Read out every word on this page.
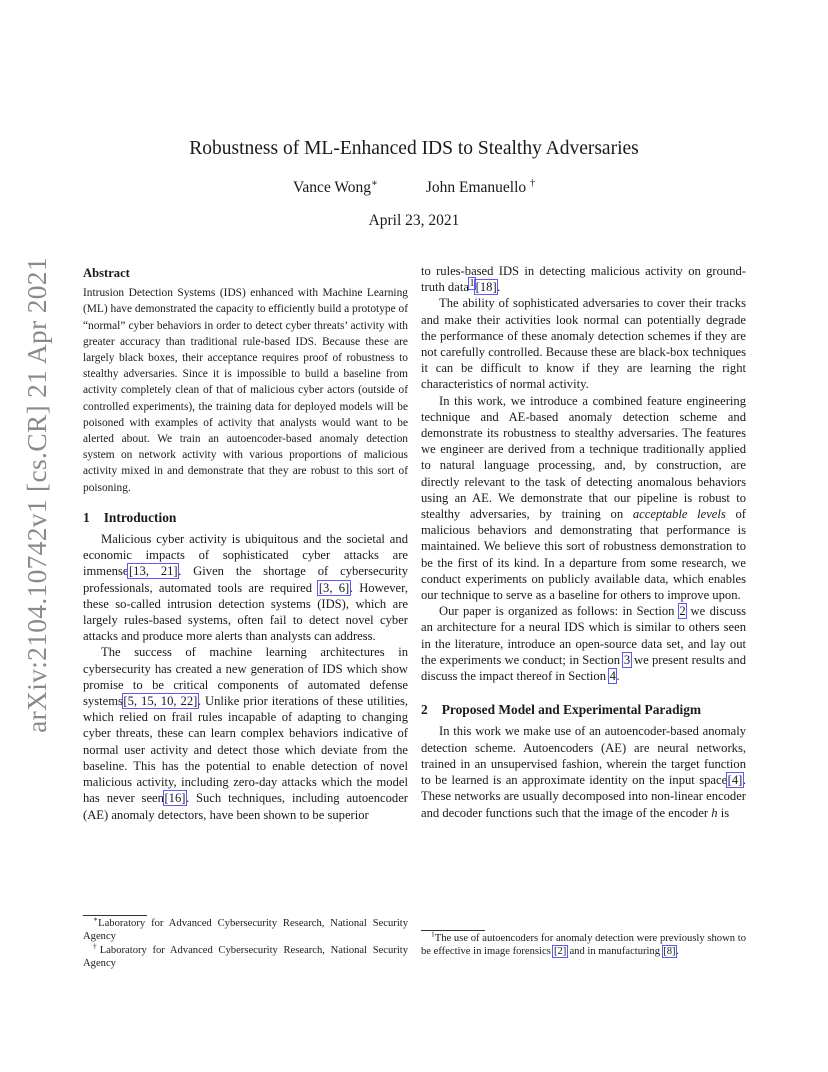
arXiv:2104.10742v1 [cs.CR] 21 Apr 2021
Robustness of ML-Enhanced IDS to Stealthy Adversaries
Vance Wong∗	John Emanuello †
April 23, 2021
Abstract

Intrusion Detection Systems (IDS) enhanced with Machine Learning (ML) have demonstrated the capacity to efficiently build a prototype of “normal” cyber behaviors in order to detect cyber threats’ activity with greater accuracy than traditional rule-based IDS. Because these are largely black boxes, their acceptance requires proof of robustness to stealthy adversaries. Since it is impossible to build a baseline from activity completely clean of that of malicious cyber actors (outside of controlled experiments), the training data for deployed models will be poisoned with examples of activity that analysts would want to be alerted about. We train an autoencoder-based anomaly detection system on network activity with various proportions of malicious activity mixed in and demonstrate that they are robust to this sort of poisoning.

1 Introduction

Malicious cyber activity is ubiquitous and the societal and economic impacts of sophisticated cyber attacks are immense[13, 21]. Given the shortage of cybersecurity professionals, automated tools are required [3, 6]. However, these so-called intrusion detection systems (IDS), which are largely rules-based systems, often fail to detect novel cyber attacks and produce more alerts than analysts can address.

The success of machine learning architectures in cybersecurity has created a new generation of IDS which show promise to be critical components of automated defense systems[5, 15, 10, 22]. Unlike prior iterations of these utilities, which relied on frail rules incapable of adapting to changing cyber threats, these can learn complex behaviors indicative of normal user activity and detect those which deviate from the baseline. This has the potential to enable detection of novel malicious activity, including zero-day attacks which the model has never seen[16]. Such techniques, including autoencoder (AE) anomaly detectors, have been shown to be superior

∗Laboratory for Advanced Cybersecurity Research, National Security Agency

†Laboratory for Advanced Cybersecurity Research, National Security Agency

to rules-based IDS in detecting malicious activity on ground-truth data$^1$[18].

The ability of sophisticated adversaries to cover their tracks and make their activities look normal can potentially degrade the performance of these anomaly detection schemes if they are not carefully controlled. Because these are black-box techniques it can be difficult to know if they are learning the right characteristics of normal activity.

In this work, we introduce a combined feature engineering technique and AE-based anomaly detection scheme and demonstrate its robustness to stealthy adversaries. The features we engineer are derived from a technique traditionally applied to natural language processing, and, by construction, are directly relevant to the task of detecting anomalous behaviors using an AE. We demonstrate that our pipeline is robust to stealthy adversaries, by training on acceptable levels of malicious behaviors and demonstrating that performance is maintained. We believe this sort of robustness demonstration to be the first of its kind. In a departure from some research, we conduct experiments on publicly available data, which enables our technique to serve as a baseline for others to improve upon.

Our paper is organized as follows: in Section 2 we discuss an architecture for a neural IDS which is similar to others seen in the literature, introduce an open-source data set, and lay out the experiments we conduct; in Section 3 we present results and discuss the impact thereof in Section 4.

2 Proposed Model and Experimental Paradigm

In this work we make use of an autoencoder-based anomaly detection scheme. Autoencoders (AE) are neural networks, trained in an unsupervised fashion, wherein the target function to be learned is an approximate identity on the input space[4]. These networks are usually decomposed into non-linear encoder and decoder functions such that the image of the encoder h is

$^1$The use of autoencoders for anomaly detection were previously shown to be effective in image forensics [2] and in manufacturing [8].
